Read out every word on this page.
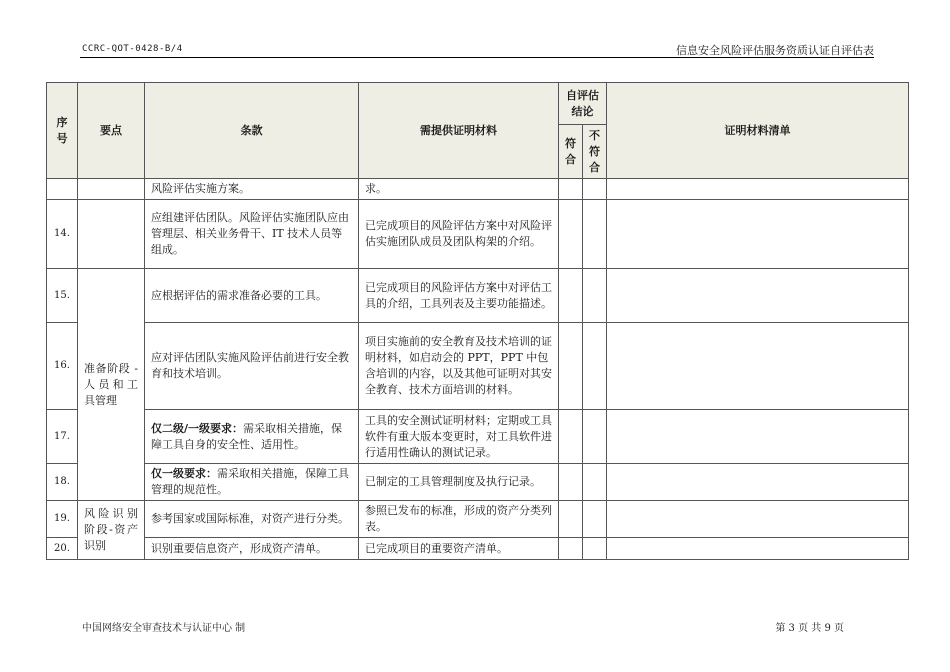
CCRC-QOT-0428-B/4	信息安全风险评估服务资质认证自评估表
序号	要点	条款	需提供证明材料	自评估结论		证明材料清单
				符合	不符合	
		风险评估实施方案。	求。			
14.		应组建评估团队。风险评估实施团队应由管理层、相关业务骨干、IT 技术人员等组成。	已完成项目的风险评估方案中对风险评估实施团队成员及团队构架的介绍。			
15.	准备阶段 -人员和工具管理	应根据评估的需求准备必要的工具。	已完成项目的风险评估方案中对评估工具的介绍，工具列表及主要功能描述。			
16.		应对评估团队实施风险评估前进行安全教育和技术培训。	项目实施前的安全教育及技术培训的证明材料，如启动会的 PPT，PPT 中包含培训的内容，以及其他可证明对其安全教育、技术方面培训的材料。			
17.		仅二级/一级要求：需采取相关措施，保障工具自身的安全性、适用性。	工具的安全测试证明材料；定期或工具软件有重大版本变更时，对工具软件进行适用性确认的测试记录。			
18.		仅一级要求：需采取相关措施，保障工具管理的规范性。	已制定的工具管理制度及执行记录。			
19.	风险识别阶段-资产识别	参考国家或国际标准，对资产进行分类。	参照已发布的标准，形成的资产分类列表。			
20.		识别重要信息资产，形成资产清单。	已完成项目的重要资产清单。			
中国网络安全审查技术与认证中心 制	第 3 页 共 9 页
